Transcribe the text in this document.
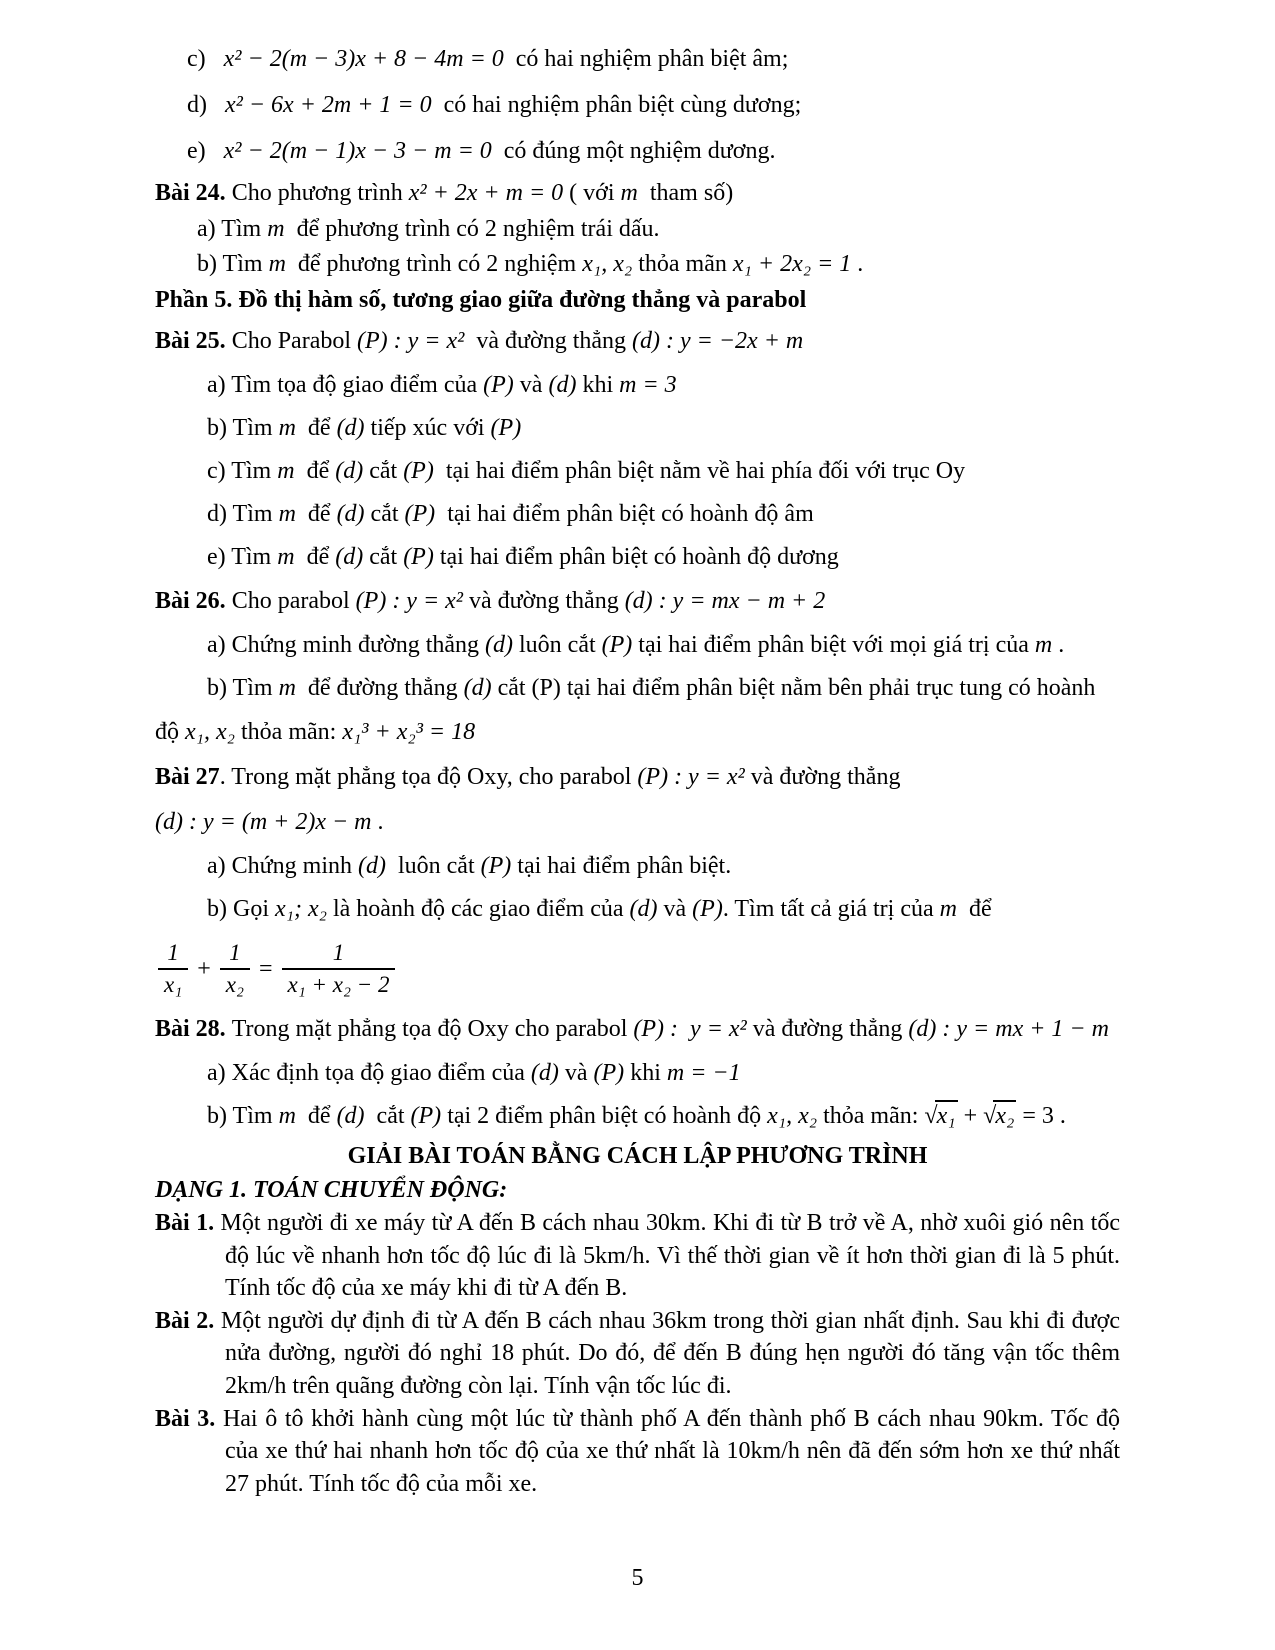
c)   x² − 2(m − 3)x + 8 − 4m = 0  có hai nghiệm phân biệt âm;
d)   x² − 6x + 2m + 1 = 0  có hai nghiệm phân biệt cùng dương;
e)   x² − 2(m − 1)x − 3 − m = 0  có đúng một nghiệm dương.
Bài 24. Cho phương trình x² + 2x + m = 0 ( với m  tham số)
a) Tìm m  để phương trình có 2 nghiệm trái dấu.
b) Tìm m  để phương trình có 2 nghiệm x₁, x₂ thỏa mãn x₁ + 2x₂ = 1 .
Phần 5. Đồ thị hàm số, tương giao giữa đường thẳng và parabol
Bài 25. Cho Parabol (P) : y = x²  và đường thẳng (d) : y = −2x + m
a) Tìm tọa độ giao điểm của (P) và (d) khi m = 3
b) Tìm m  để (d) tiếp xúc với (P)
c) Tìm m  để (d) cắt (P)  tại hai điểm phân biệt nằm về hai phía đối với trục Oy
d) Tìm m  để (d) cắt (P)  tại hai điểm phân biệt có hoành độ âm
e) Tìm m  để (d) cắt (P) tại hai điểm phân biệt có hoành độ dương
Bài 26. Cho parabol (P) : y = x² và đường thẳng (d) : y = mx − m + 2
a) Chứng minh đường thẳng (d) luôn cắt (P) tại hai điểm phân biệt với mọi giá trị của m .
b) Tìm m  để đường thẳng (d) cắt (P) tại hai điểm phân biệt nằm bên phải trục tung có hoành
độ x₁, x₂ thỏa mãn: x₁³ + x₂³ = 18
Bài 27. Trong mặt phẳng tọa độ Oxy, cho parabol (P) : y = x² và đường thẳng
(d) : y = (m + 2)x − m .
a) Chứng minh (d)  luôn cắt (P) tại hai điểm phân biệt.
b) Gọi x₁; x₂ là hoành độ các giao điểm của (d) và (P). Tìm tất cả giá trị của m  để
$\frac{1}{\text{x₁}} + \frac{1}{\text{x₂}} = \frac{1}{\text{x₁ + x₂ − 2}}$
Bài 28. Trong mặt phẳng tọa độ Oxy cho parabol (P) :  y = x² và đường thẳng (d) : y = mx + 1 − m
a) Xác định tọa độ giao điểm của (d) và (P) khi m = −1
b) Tìm m  để (d)  cắt (P) tại 2 điểm phân biệt có hoành độ x₁, x₂ thỏa mãn: √x₁ + √x₂ = 3 .
GIẢI BÀI TOÁN BẰNG CÁCH LẬP PHƯƠNG TRÌNH
DẠNG 1. TOÁN CHUYỂN ĐỘNG:
Bài 1. Một người đi xe máy từ A đến B cách nhau 30km. Khi đi từ B trở về A, nhờ xuôi gió nên tốc độ lúc về nhanh hơn tốc độ lúc đi là 5km/h. Vì thế thời gian về ít hơn thời gian đi là 5 phút. Tính tốc độ của xe máy khi đi từ A đến B.
Bài 2. Một người dự định đi từ A đến B cách nhau 36km trong thời gian nhất định. Sau khi đi được nửa đường, người đó nghỉ 18 phút. Do đó, để đến B đúng hẹn người đó tăng vận tốc thêm 2km/h trên quãng đường còn lại. Tính vận tốc lúc đi.
Bài 3. Hai ô tô khởi hành cùng một lúc từ thành phố A đến thành phố B cách nhau 90km. Tốc độ của xe thứ hai nhanh hơn tốc độ của xe thứ nhất là 10km/h nên đã đến sớm hơn xe thứ nhất 27 phút. Tính tốc độ của mỗi xe.
5
